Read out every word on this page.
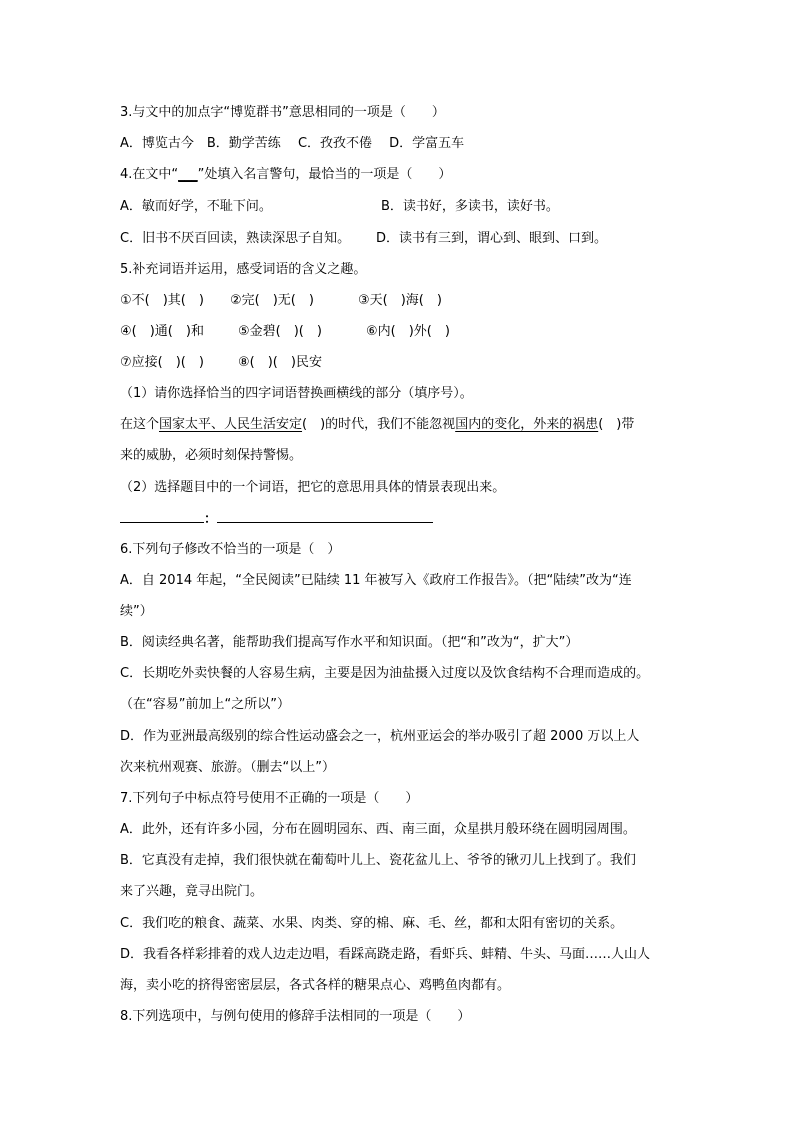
3.与文中的加点字“博览群书”意思相同的一项是（　　）
A．博览古今　B．勤学苦练　 C．孜孜不倦　 D．学富五车
4.在文中“___”处填入名言警句，最恰当的一项是（　　）
A．敏而好学，不耻下问。	B．读书好，多读书，读好书。
C．旧书不厌百回读，熟读深思子自知。 D．读书有三到，谓心到、眼到、口到。
5.补充词语并运用，感受词语的含义之趣。
①不(　)其(　) ②完(　)无(　)	③天(　)海(　)
④(　)通(　)和	⑤金碧(　)(　)	⑥内(　)外(　)
⑦应接(　)(　)	⑧(　)(　)民安
（1）请你选择恰当的四字词语替换画横线的部分（填序号）。
在这个国家太平、人民生活安定(　)的时代，我们不能忽视国内的变化，外来的祸患(　)带
来的威胁，必须时刻保持警惕。
（2）选择题目中的一个词语，把它的意思用具体的情景表现出来。
：
6.下列句子修改不恰当的一项是（　）
A．自 2014 年起，“全民阅读”已陆续 11 年被写入《政府工作报告》。（把“陆续”改为“连
续”）
B．阅读经典名著，能帮助我们提高写作水平和知识面。（把“和”改为“，扩大”）
C．长期吃外卖快餐的人容易生病，主要是因为油盐摄入过度以及饮食结构不合理而造成的。
（在“容易”前加上“之所以”）
D．作为亚洲最高级别的综合性运动盛会之一，杭州亚运会的举办吸引了超 2000 万以上人
次来杭州观赛、旅游。（删去“以上”）
7.下列句子中标点符号使用不正确的一项是（　　）
A．此外，还有许多小园，分布在圆明园东、西、南三面，众星拱月般环绕在圆明园周围。
B．它真没有走掉，我们很快就在葡萄叶儿上、瓷花盆儿上、爷爷的锹刃儿上找到了。我们
来了兴趣，竟寻出院门。
C．我们吃的粮食、蔬菜、水果、肉类、穿的棉、麻、毛、丝，都和太阳有密切的关系。
D．我看各样彩排着的戏人边走边唱，看踩高跷走路，看虾兵、蚌精、牛头、马面……人山人
海，卖小吃的挤得密密层层，各式各样的糖果点心、鸡鸭鱼肉都有。
8.下列选项中，与例句使用的修辞手法相同的一项是（　　）
